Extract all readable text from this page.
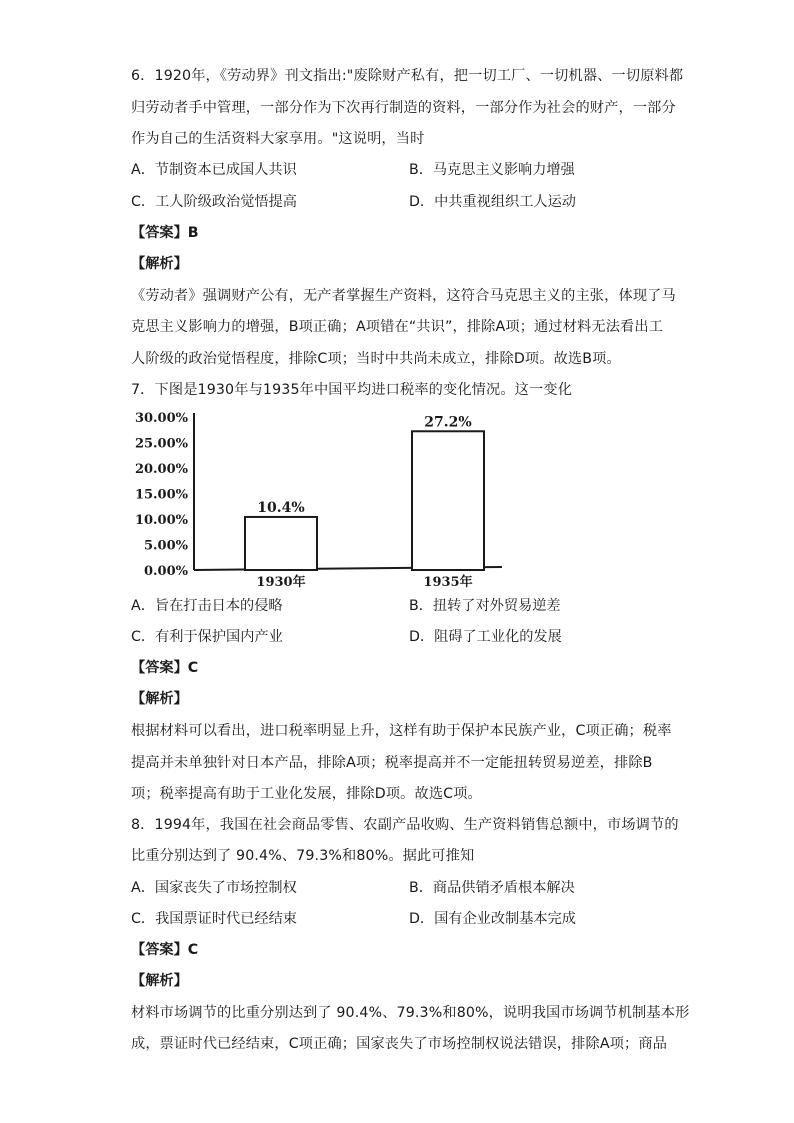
6．1920年，《劳动界》刊文指出:"废除财产私有，把一切工厂、一切机器、一切原料都
归劳动者手中管理，一部分作为下次再行制造的资料，一部分作为社会的财产，一部分
作为自己的生活资料大家享用。"这说明，当时
A．节制资本已成国人共识	B．马克思主义影响力增强
C．工人阶级政治觉悟提高	D．中共重视组织工人运动
【答案】B
【解析】
《劳动者》强调财产公有，无产者掌握生产资料，这符合马克思主义的主张，体现了马
克思主义影响力的增强，B项正确；A项错在“共识”，排除A项；通过材料无法看出工
人阶级的政治觉悟程度，排除C项；当时中共尚未成立，排除D项。故选B项。
7．下图是1930年与1935年中国平均进口税率的变化情况。这一变化
30.00%
25.00%
20.00%
15.00%
10.00%
5.00%
0.00%
10.4%
1930年
27.2%
1935年
A．旨在打击日本的侵略	B．扭转了对外贸易逆差
C．有利于保护国内产业	D．阻碍了工业化的发展
【答案】C
【解析】
根据材料可以看出，进口税率明显上升，这样有助于保护本民族产业，C项正确；税率
提高并未单独针对日本产品，排除A项；税率提高并不一定能扭转贸易逆差，排除B
项；税率提高有助于工业化发展，排除D项。故选C项。
8．1994年，我国在社会商品零售、农副产品收购、生产资料销售总额中，市场调节的
比重分别达到了 90.4%、79.3%和80%。据此可推知
A．国家丧失了市场控制权	B．商品供销矛盾根本解决
C．我国票证时代已经结束	D．国有企业改制基本完成
【答案】C
【解析】
材料市场调节的比重分别达到了 90.4%、79.3%和80%，说明我国市场调节机制基本形
成，票证时代已经结束，C项正确；国家丧失了市场控制权说法错误，排除A项；商品
